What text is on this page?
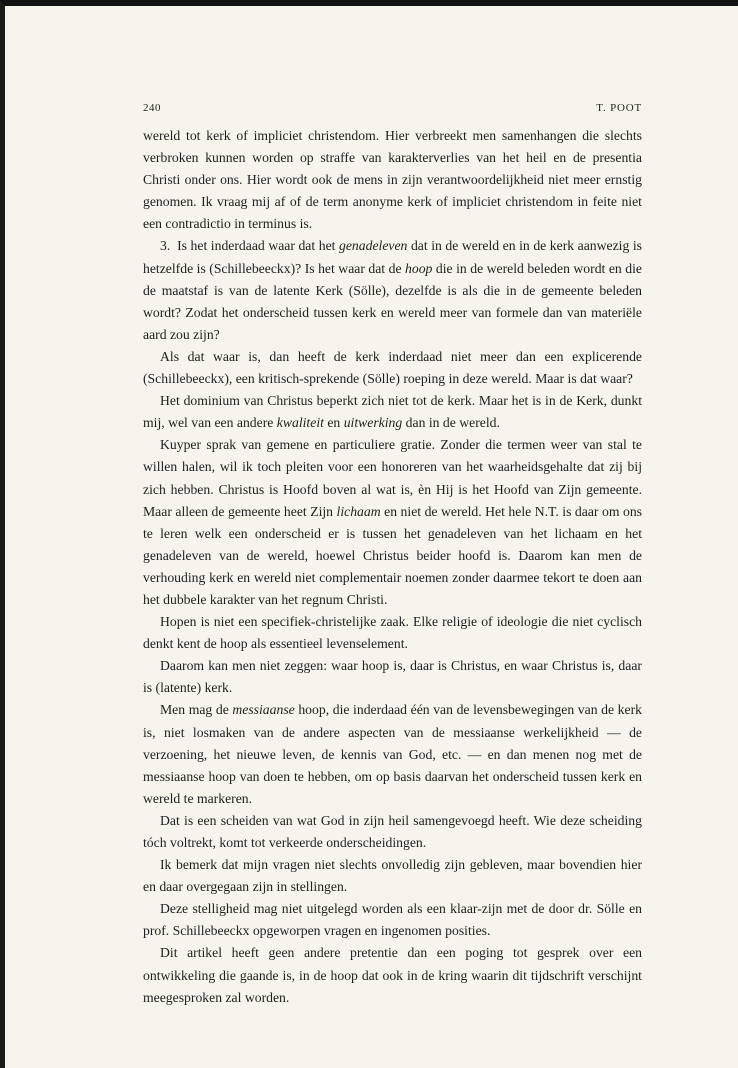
240	T. POOT

wereld tot kerk of impliciet christendom. Hier verbreekt men samenhangen die slechts verbroken kunnen worden op straffe van karakterverlies van het heil en de presentia Christi onder ons. Hier wordt ook de mens in zijn verantwoordelijkheid niet meer ernstig genomen. Ik vraag mij af of de term anonyme kerk of impliciet christendom in feite niet een contradictio in terminus is.

3. Is het inderdaad waar dat het genadeleven dat in de wereld en in de kerk aanwezig is hetzelfde is (Schillebeeckx)? Is het waar dat de hoop die in de wereld beleden wordt en die de maatstaf is van de latente Kerk (Sölle), dezelfde is als die in de gemeente beleden wordt? Zodat het onderscheid tussen kerk en wereld meer van formele dan van materiële aard zou zijn?

Als dat waar is, dan heeft de kerk inderdaad niet meer dan een explicerende (Schillebeeckx), een kritisch-sprekende (Sölle) roeping in deze wereld. Maar is dat waar?

Het dominium van Christus beperkt zich niet tot de kerk. Maar het is in de Kerk, dunkt mij, wel van een andere kwaliteit en uitwerking dan in de wereld.

Kuyper sprak van gemene en particuliere gratie. Zonder die termen weer van stal te willen halen, wil ik toch pleiten voor een honoreren van het waarheidsgehalte dat zij bij zich hebben. Christus is Hoofd boven al wat is, èn Hij is het Hoofd van Zijn gemeente. Maar alleen de gemeente heet Zijn lichaam en niet de wereld. Het hele N.T. is daar om ons te leren welk een onderscheid er is tussen het genadeleven van het lichaam en het genadeleven van de wereld, hoewel Christus beider hoofd is. Daarom kan men de verhouding kerk en wereld niet complementair noemen zonder daarmee tekort te doen aan het dubbele karakter van het regnum Christi.

Hopen is niet een specifiek-christelijke zaak. Elke religie of ideologie die niet cyclisch denkt kent de hoop als essentieel levenselement.

Daarom kan men niet zeggen: waar hoop is, daar is Christus, en waar Christus is, daar is (latente) kerk.

Men mag de messiaanse hoop, die inderdaad één van de levensbewegingen van de kerk is, niet losmaken van de andere aspecten van de messiaanse werkelijkheid — de verzoening, het nieuwe leven, de kennis van God, etc. — en dan menen nog met de messiaanse hoop van doen te hebben, om op basis daarvan het onderscheid tussen kerk en wereld te markeren.

Dat is een scheiden van wat God in zijn heil samengevoegd heeft. Wie deze scheiding tóch voltrekt, komt tot verkeerde onderscheidingen.

Ik bemerk dat mijn vragen niet slechts onvolledig zijn gebleven, maar bovendien hier en daar overgegaan zijn in stellingen.

Deze stelligheid mag niet uitgelegd worden als een klaar-zijn met de door dr. Sölle en prof. Schillebeeckx opgeworpen vragen en ingenomen posities.

Dit artikel heeft geen andere pretentie dan een poging tot gesprek over een ontwikkeling die gaande is, in de hoop dat ook in de kring waarin dit tijdschrift verschijnt meegesproken zal worden.
